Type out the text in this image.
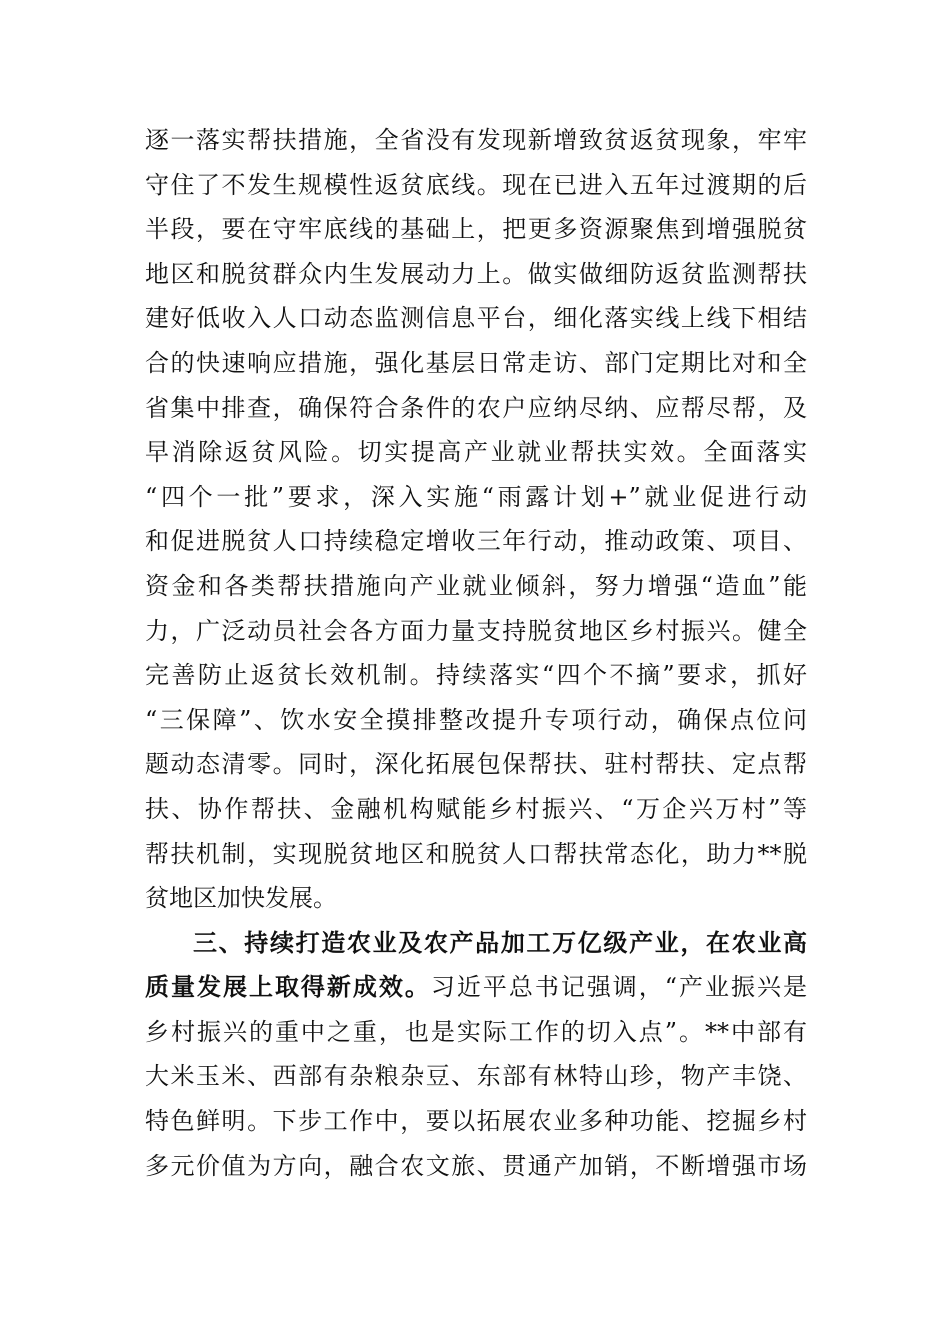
逐一落实帮扶措施，全省没有发现新增致贫返贫现象，牢牢
守住了不发生规模性返贫底线。现在已进入五年过渡期的后
半段，要在守牢底线的基础上，把更多资源聚焦到增强脱贫
地区和脱贫群众内生发展动力上。做实做细防返贫监测帮扶
建好低收入人口动态监测信息平台，细化落实线上线下相结
合的快速响应措施，强化基层日常走访、部门定期比对和全
省集中排查，确保符合条件的农户应纳尽纳、应帮尽帮，及
早消除返贫风险。切实提高产业就业帮扶实效。全面落实
“四个一批”要求，深入实施“雨露计划+”就业促进行动
和促进脱贫人口持续稳定增收三年行动，推动政策、项目、
资金和各类帮扶措施向产业就业倾斜，努力增强“造血”能
力，广泛动员社会各方面力量支持脱贫地区乡村振兴。健全
完善防止返贫长效机制。持续落实“四个不摘”要求，抓好
“三保障”、饮水安全摸排整改提升专项行动，确保点位问
题动态清零。同时，深化拓展包保帮扶、驻村帮扶、定点帮
扶、协作帮扶、金融机构赋能乡村振兴、“万企兴万村”等
帮扶机制，实现脱贫地区和脱贫人口帮扶常态化，助力**脱
贫地区加快发展。
三、持续打造农业及农产品加工万亿级产业，在农业高
质量发展上取得新成效。习近平总书记强调，“产业振兴是
乡村振兴的重中之重，也是实际工作的切入点”。**中部有
大米玉米、西部有杂粮杂豆、东部有林特山珍，物产丰饶、
特色鲜明。下步工作中，要以拓展农业多种功能、挖掘乡村
多元价值为方向，融合农文旅、贯通产加销，不断增强市场
